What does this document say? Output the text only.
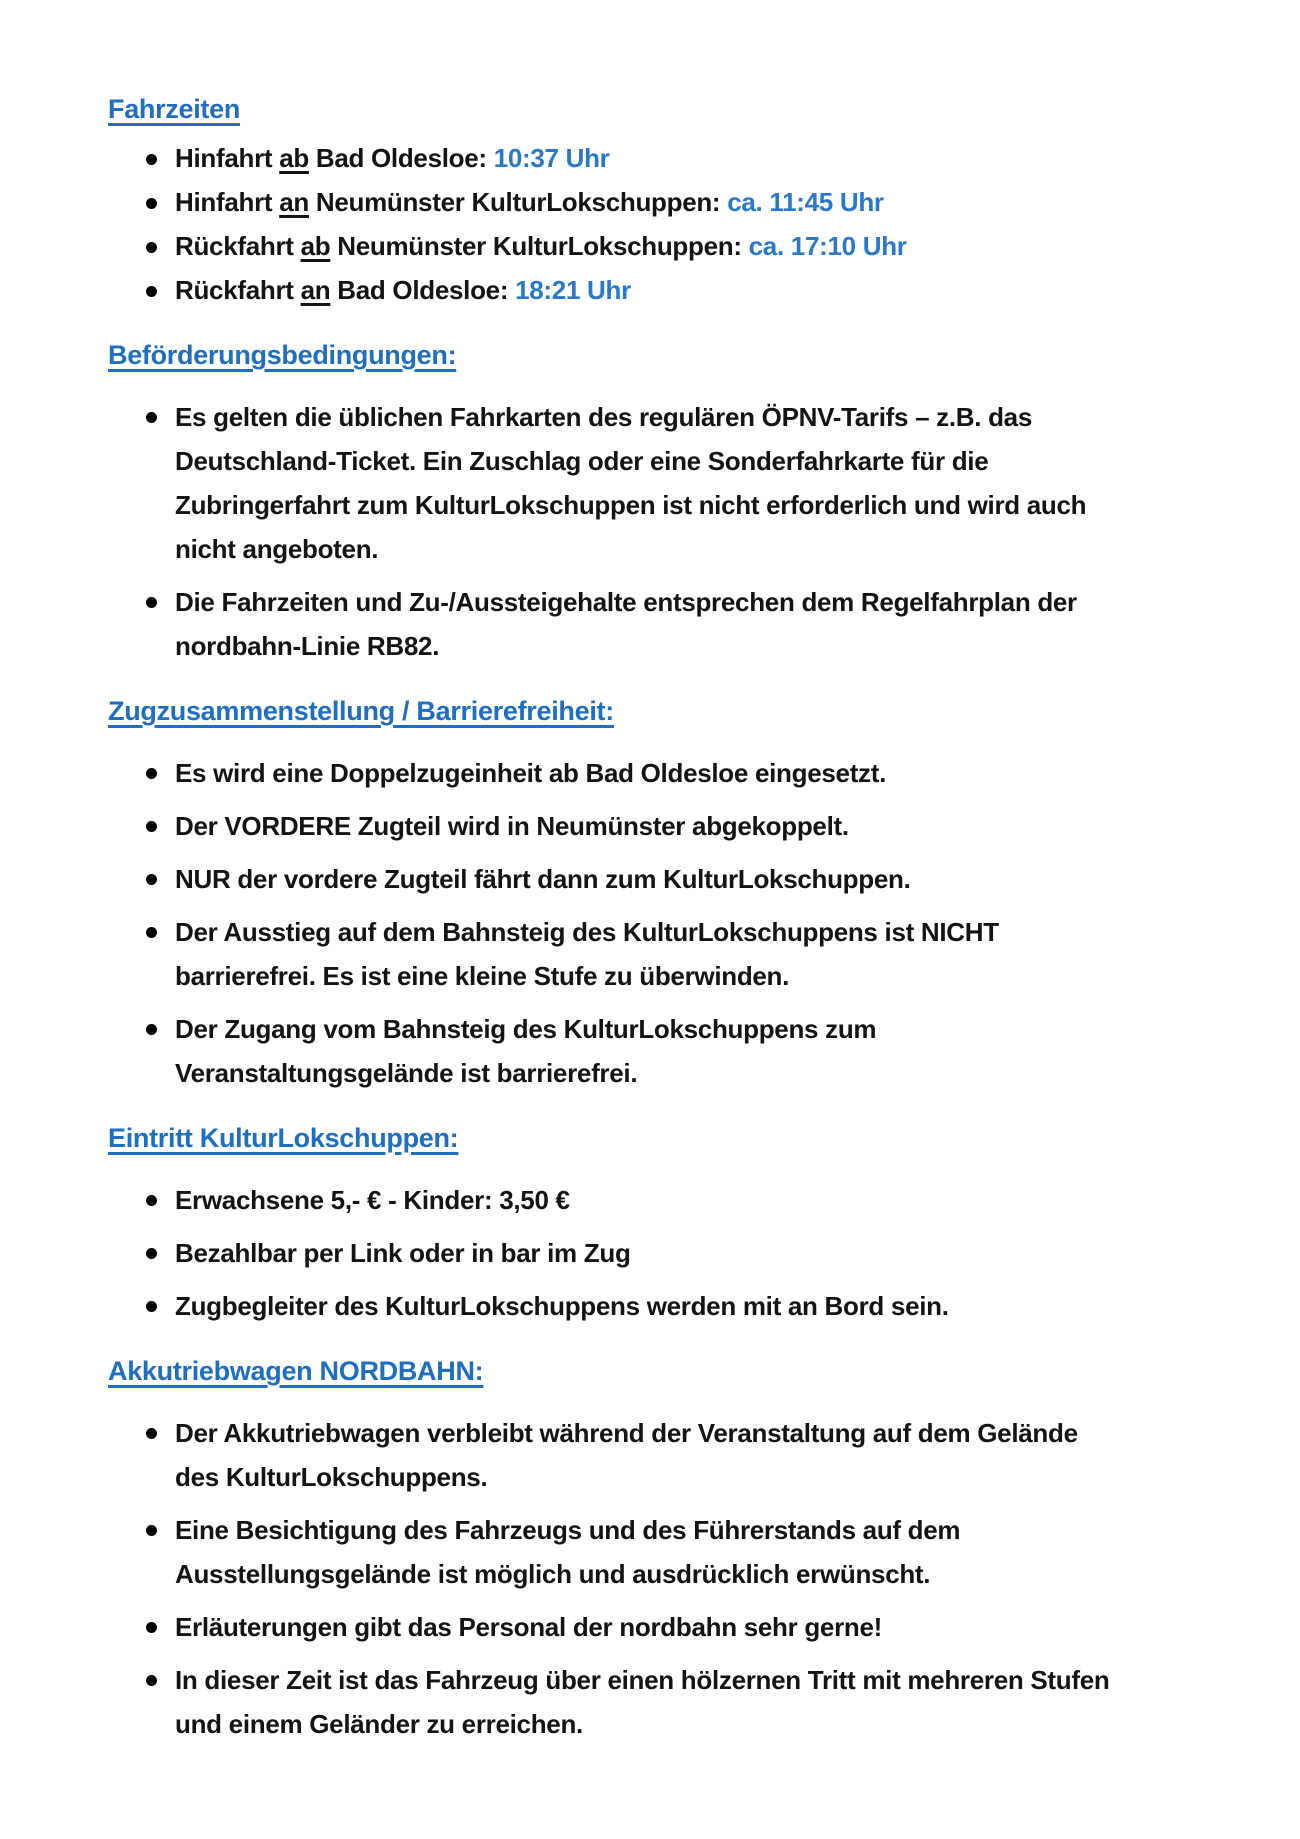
Fahrzeiten
Hinfahrt ab Bad Oldesloe: 10:37 Uhr
Hinfahrt an Neumünster KulturLokschuppen: ca. 11:45 Uhr
Rückfahrt ab Neumünster KulturLokschuppen: ca. 17:10 Uhr
Rückfahrt an Bad Oldesloe: 18:21 Uhr
Beförderungsbedingungen:
Es gelten die üblichen Fahrkarten des regulären ÖPNV-Tarifs – z.B. das Deutschland-Ticket. Ein Zuschlag oder eine Sonderfahrkarte für die Zubringerfahrt zum KulturLokschuppen ist nicht erforderlich und wird auch nicht angeboten.
Die Fahrzeiten und Zu-/Aussteigehalte entsprechen dem Regelfahrplan der nordbahn-Linie RB82.
Zugzusammenstellung / Barrierefreiheit:
Es wird eine Doppelzugeinheit ab Bad Oldesloe eingesetzt.
Der VORDERE Zugteil wird in Neumünster abgekoppelt.
NUR der vordere Zugteil fährt dann zum KulturLokschuppen.
Der Ausstieg auf dem Bahnsteig des KulturLokschuppens ist NICHT barrierefrei. Es ist eine kleine Stufe zu überwinden.
Der Zugang vom Bahnsteig des KulturLokschuppens zum Veranstaltungsgelände ist barrierefrei.
Eintritt KulturLokschuppen:
Erwachsene 5,- € - Kinder: 3,50 €
Bezahlbar per Link oder in bar im Zug
Zugbegleiter des KulturLokschuppens werden mit an Bord sein.
Akkutriebwagen NORDBAHN:
Der Akkutriebwagen verbleibt während der Veranstaltung auf dem Gelände des KulturLokschuppens.
Eine Besichtigung des Fahrzeugs und des Führerstands auf dem Ausstellungsgelände ist möglich und ausdrücklich erwünscht.
Erläuterungen gibt das Personal der nordbahn sehr gerne!
In dieser Zeit ist das Fahrzeug über einen hölzernen Tritt mit mehreren Stufen und einem Geländer zu erreichen.
